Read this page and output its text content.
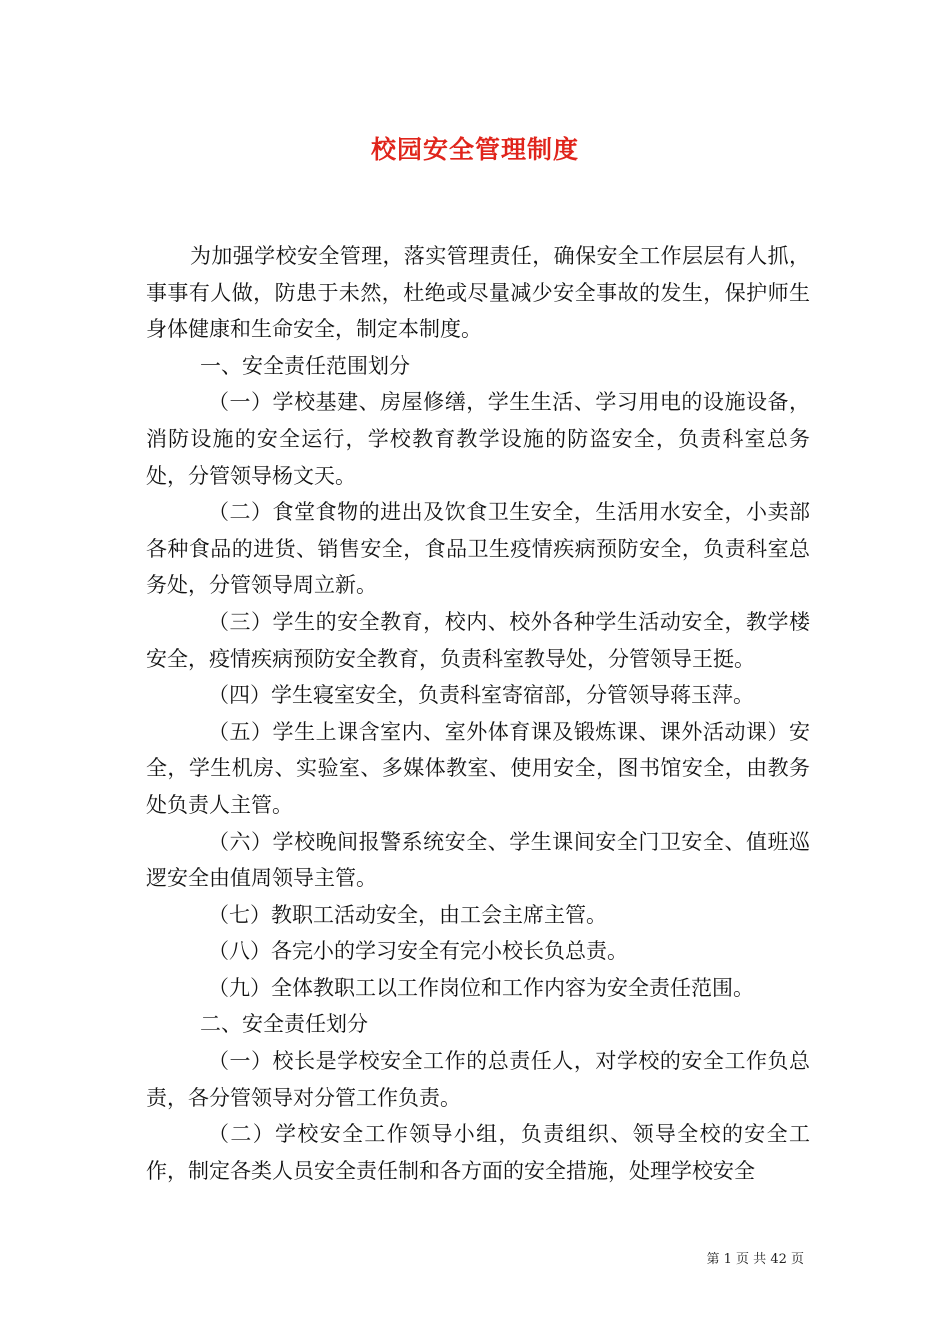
校园安全管理制度

为加强学校安全管理，落实管理责任，确保安全工作层层有人抓，事事有人做，防患于未然，杜绝或尽量减少安全事故的发生，保护师生身体健康和生命安全，制定本制度。

一、安全责任范围划分

（一）学校基建、房屋修缮，学生生活、学习用电的设施设备，消防设施的安全运行，学校教育教学设施的防盗安全，负责科室总务处，分管领导杨文天。

（二）食堂食物的进出及饮食卫生安全，生活用水安全，小卖部各种食品的进货、销售安全，食品卫生疫情疾病预防安全，负责科室总务处，分管领导周立新。

（三）学生的安全教育，校内、校外各种学生活动安全，教学楼安全，疫情疾病预防安全教育，负责科室教导处，分管领导王挺。

（四）学生寝室安全，负责科室寄宿部，分管领导蒋玉萍。

（五）学生上课含室内、室外体育课及锻炼课、课外活动课）安全，学生机房、实验室、多媒体教室、使用安全，图书馆安全，由教务处负责人主管。

（六）学校晚间报警系统安全、学生课间安全门卫安全、值班巡逻安全由值周领导主管。

（七）教职工活动安全，由工会主席主管。

（八）各完小的学习安全有完小校长负总责。

（九）全体教职工以工作岗位和工作内容为安全责任范围。

二、安全责任划分

（一）校长是学校安全工作的总责任人，对学校的安全工作负总责，各分管领导对分管工作负责。

（二）学校安全工作领导小组，负责组织、领导全校的安全工作，制定各类人员安全责任制和各方面的安全措施，处理学校安全

第 1 页 共 42 页
